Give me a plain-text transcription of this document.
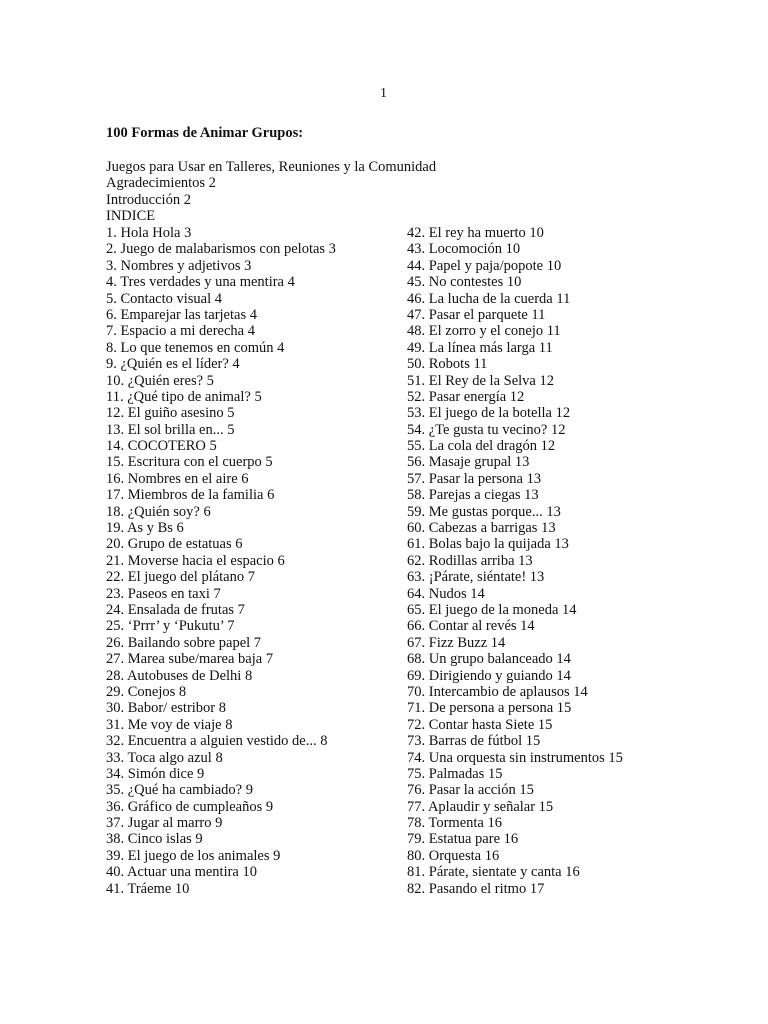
1
100 Formas de Animar Grupos:
Juegos para Usar en Talleres, Reuniones y la Comunidad
Agradecimientos 2
Introducción 2
INDICE
1. Hola Hola 3
2. Juego de malabarismos con pelotas 3
3. Nombres y adjetivos 3
4. Tres verdades y una mentira 4
5. Contacto visual 4
6. Emparejar las tarjetas 4
7. Espacio a mi derecha 4
8. Lo que tenemos en común 4
9. ¿Quién es el líder? 4
10. ¿Quién eres? 5
11. ¿Qué tipo de animal? 5
12. El guiño asesino 5
13. El sol brilla en... 5
14. COCOTERO 5
15. Escritura con el cuerpo 5
16. Nombres en el aire 6
17. Miembros de la familia 6
18. ¿Quién soy? 6
19. As y Bs 6
20. Grupo de estatuas 6
21. Moverse hacia el espacio 6
22. El juego del plátano 7
23. Paseos en taxi 7
24. Ensalada de frutas 7
25. ‘Prrr’ y ‘Pukutu’ 7
26. Bailando sobre papel 7
27. Marea sube/marea baja 7
28. Autobuses de Delhi 8
29. Conejos 8
30. Babor/ estribor 8
31. Me voy de viaje 8
32. Encuentra a alguien vestido de... 8
33. Toca algo azul 8
34. Simón dice 9
35. ¿Qué ha cambiado? 9
36. Gráfico de cumpleaños 9
37. Jugar al marro 9
38. Cinco islas 9
39. El juego de los animales 9
40. Actuar una mentira 10
41. Tráeme 10
42. El rey ha muerto 10
43. Locomoción 10
44. Papel y paja/popote 10
45. No contestes 10
46. La lucha de la cuerda 11
47. Pasar el parquete 11
48. El zorro y el conejo 11
49. La línea más larga 11
50. Robots 11
51. El Rey de la Selva 12
52. Pasar energía 12
53. El juego de la botella 12
54. ¿Te gusta tu vecino? 12
55. La cola del dragón 12
56. Masaje grupal 13
57. Pasar la persona 13
58. Parejas a ciegas 13
59. Me gustas porque... 13
60. Cabezas a barrigas 13
61. Bolas bajo la quijada 13
62. Rodillas arriba 13
63. ¡Párate, siéntate! 13
64. Nudos 14
65. El juego de la moneda 14
66. Contar al revés 14
67. Fizz Buzz 14
68. Un grupo balanceado 14
69. Dirigiendo y guiando 14
70. Intercambio de aplausos 14
71. De persona a persona 15
72. Contar hasta Siete 15
73. Barras de fútbol 15
74. Una orquesta sin instrumentos 15
75. Palmadas 15
76. Pasar la acción 15
77. Aplaudir y señalar 15
78. Tormenta 16
79. Estatua pare 16
80. Orquesta 16
81. Párate, sientate y canta 16
82. Pasando el ritmo 17
